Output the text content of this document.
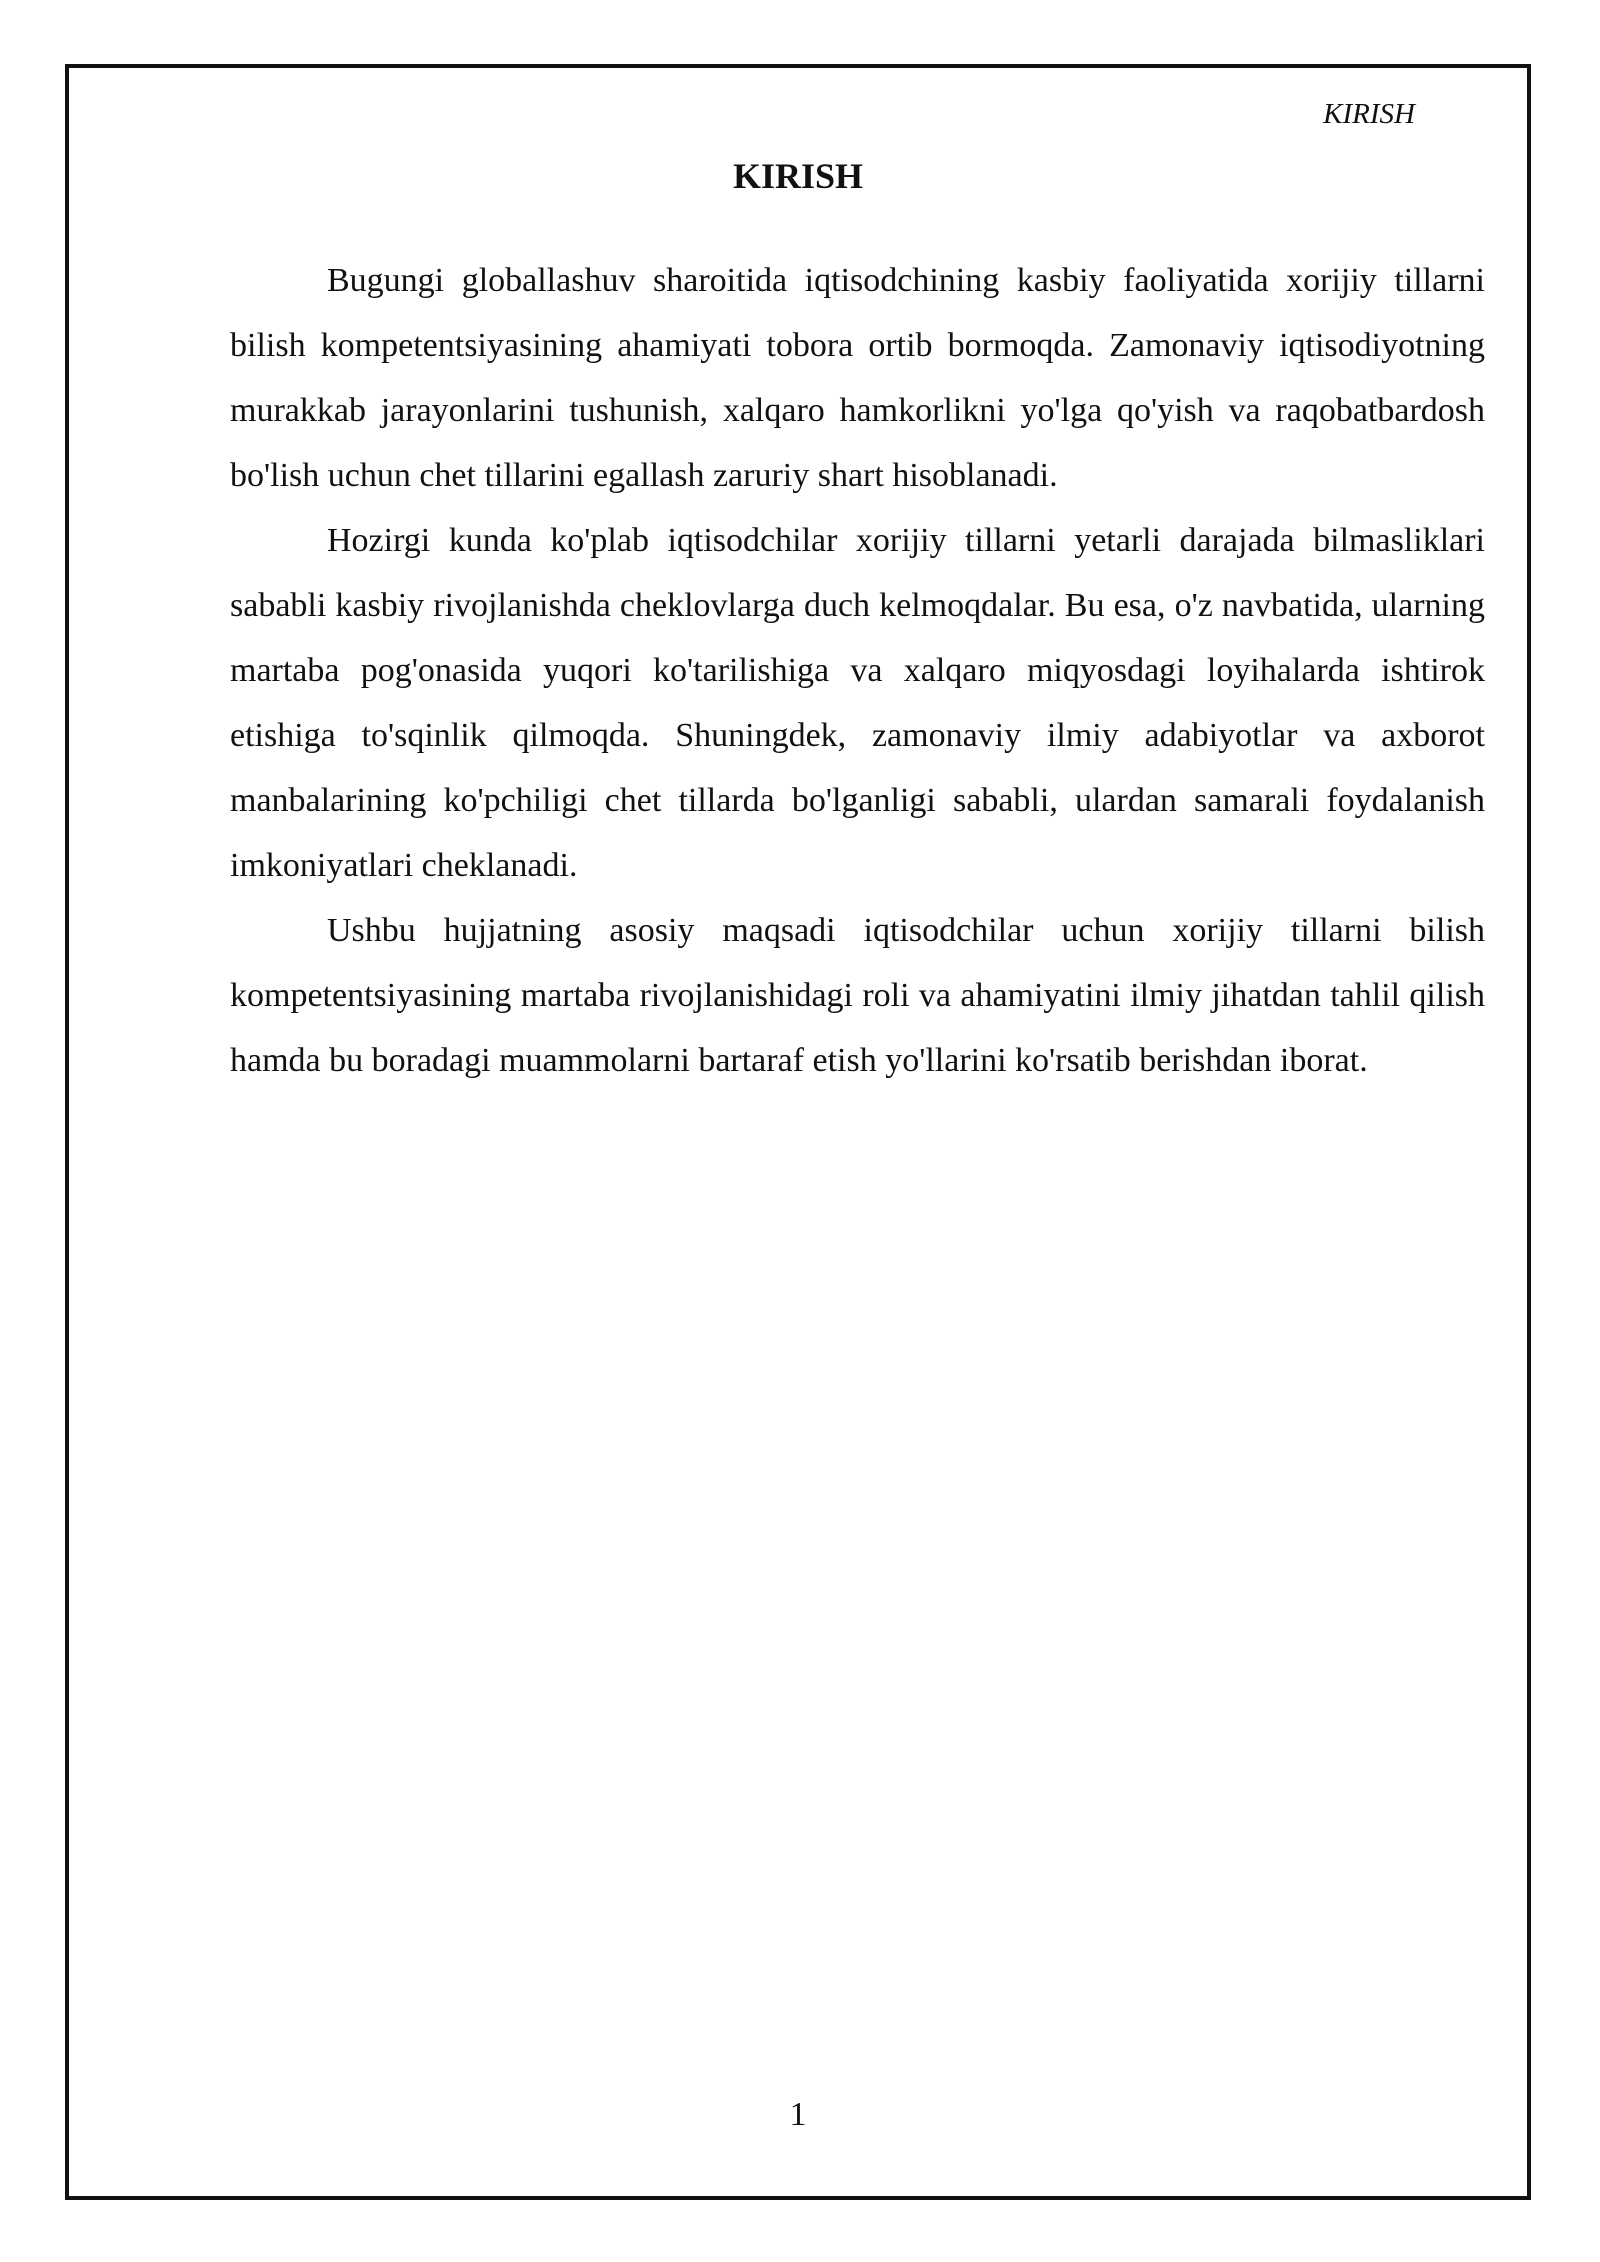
KIRISH
KIRISH

Bugungi globallashuv sharoitida iqtisodchining kasbiy faoliyatida xorijiy tillarni bilish kompetentsiyasining ahamiyati tobora ortib bormoqda. Zamonaviy iqtisodiyotning murakkab jarayonlarini tushunish, xalqaro hamkorlikni yo'lga qo'yish va raqobatbardosh bo'lish uchun chet tillarini egallash zaruriy shart hisoblanadi.

Hozirgi kunda ko'plab iqtisodchilar xorijiy tillarni yetarli darajada bilmasliklari sababli kasbiy rivojlanishda cheklovlarga duch kelmoqdalar. Bu esa, o'z navbatida, ularning martaba pog'onasida yuqori ko'tarilishiga va xalqaro miqyosdagi loyihalarda ishtirok etishiga to'sqinlik qilmoqda. Shuningdek, zamonaviy ilmiy adabiyotlar va axborot manbalarining ko'pchiligi chet tillarda bo'lganligi sababli, ulardan samarali foydalanish imkoniyatlari cheklanadi.

Ushbu hujjatning asosiy maqsadi iqtisodchilar uchun xorijiy tillarni bilish kompetentsiyasining martaba rivojlanishidagi roli va ahamiyatini ilmiy jihatdan tahlil qilish hamda bu boradagi muammolarni bartaraf etish yo'llarini ko'rsatib berishdan iborat.

1
